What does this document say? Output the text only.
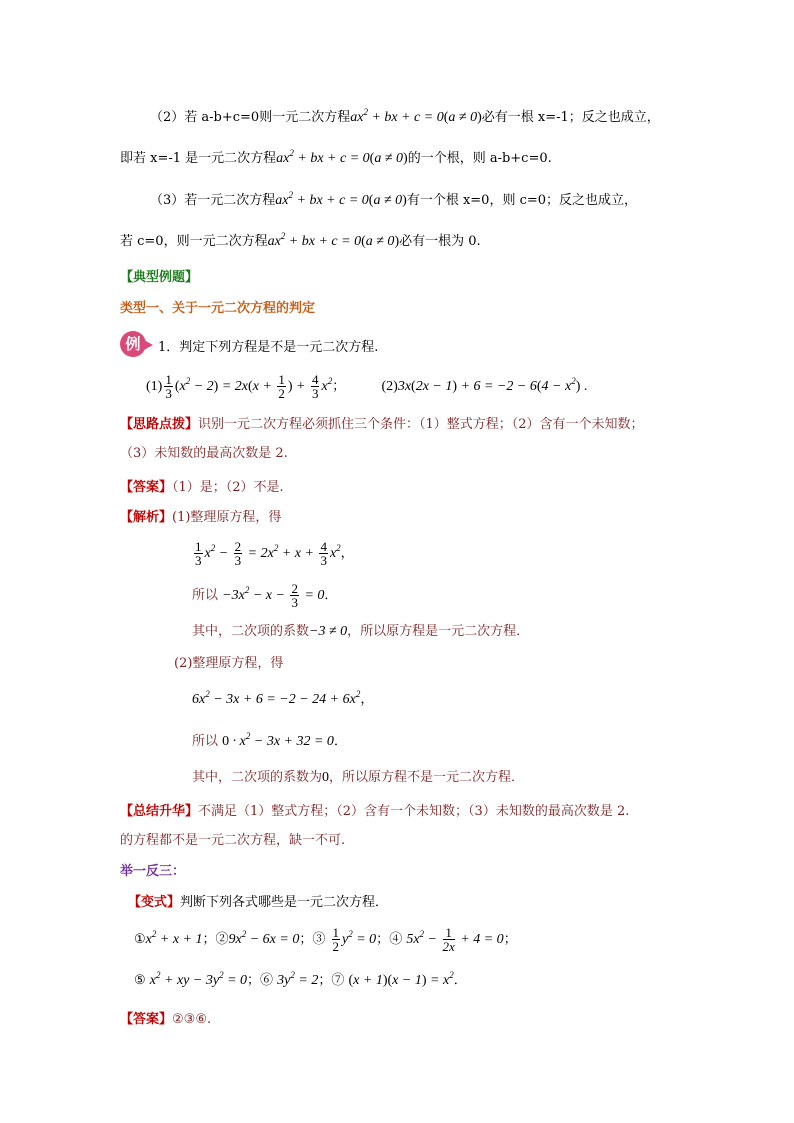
（2）若 a-b+c=0则一元二次方程$ax^2$ + bx + c = 0(a ≠ 0)必有一根 x=-1；反之也成立，
即若 x=-1 是一元二次方程$ax^2$ + bx + c = 0(a ≠ 0)的一个根，则 a-b+c=0.
（3）若一元二次方程$ax^2$ + bx + c = 0(a ≠ 0)有一个根 x=0，则 c=0；反之也成立，
若 c=0，则一元二次方程$ax^2$ + bx + c = 0(a ≠ 0)必有一根为 0.
【典型例题】
类型一、关于一元二次方程的判定
例	1．判定下列方程是不是一元二次方程.
$(1) \frac{1}{3} (x^2 - 2) = 2x(x + \frac{1}{2}$ ) + $\frac{4}{3} x^2$；	$(2)3x(2x - 1) + 6 = -2 - 6(4 - x^2)$ .
【思路点拨】识别一元二次方程必须抓住三个条件：（1）整式方程；（2）含有一个未知数；
（3）未知数的最高次数是 2.
【答案】（1）是；（2）不是.
【解析】(1)整理原方程，得
$\frac{1}{3} x^2 - \frac{2}{3} = 2x^2 + x + \frac{4}{3} x^2$，
所以 $-3x^2 - x - \frac{2}{3} = 0$．
其中，二次项的系数−3 ≠ 0，所以原方程是一元二次方程．
(2)整理原方程，得
$6x^2 - 3x + 6 = -2 - 24 + 6x^2$，
所以 $0 \cdot x^2 - 3x + 32 = 0$．
其中，二次项的系数为0，所以原方程不是一元二次方程．
【总结升华】不满足（1）整式方程；（2）含有一个未知数；（3）未知数的最高次数是 2.
的方程都不是一元二次方程，缺一不可.
举一反三：
【变式】判断下列各式哪些是一元二次方程．
$①x^2 + x + 1$；$②9x^2 - 6x = 0$；③ $\frac{1}{2} y^2 = 0$；④ $5x^2 - \frac{1}{2x} + 4 = 0$；
⑤ $x^2$ + xy − $3y^2 = 0$；⑥ $3y^2 = 2$；⑦ $(x + 1)(x - 1) = x^2$．
【答案】②③⑥.
